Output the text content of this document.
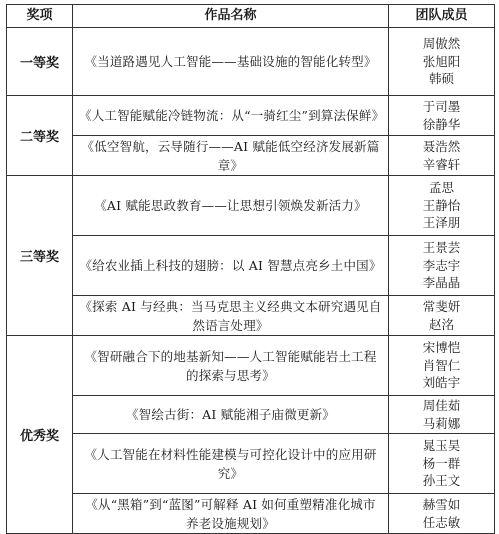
奖项	作品名称	团队成员
一等奖	《当道路遇见人工智能——基础设施的智能化转型》	周傲然
张旭阳
韩硕

二等奖	《人工智能赋能冷链物流：从“一骑红尘”到算法保鲜》	于司墨
徐静华

	《低空智航，云导随行——AI 赋能低空经济发展新篇章》	聂浩然
辛睿轩

三等奖	《AI 赋能思政教育——让思想引领焕发新活力》	孟思
王静怡
王泽朋

	《给农业插上科技的翅膀：以 AI 智慧点亮乡土中国》	王景芸
李志宇
李晶晶

	《探索 AI 与经典：当马克思主义经典文本研究遇见自然语言处理》	常斐妍
赵洺

优秀奖	《智研融合下的地基新知——人工智能赋能岩土工程的探索与思考》	宋博恺
肖智仁
刘皓宇

	《智绘古街：AI 赋能湘子庙微更新》	周佳茹
马莉娜

	《人工智能在材料性能建模与可控化设计中的应用研究》	晁玉昊
杨一群
孙王文

	《从“黑箱”到“蓝图”可解释 AI 如何重塑精准化城市养老设施规划》	赫雪如
任志敏
